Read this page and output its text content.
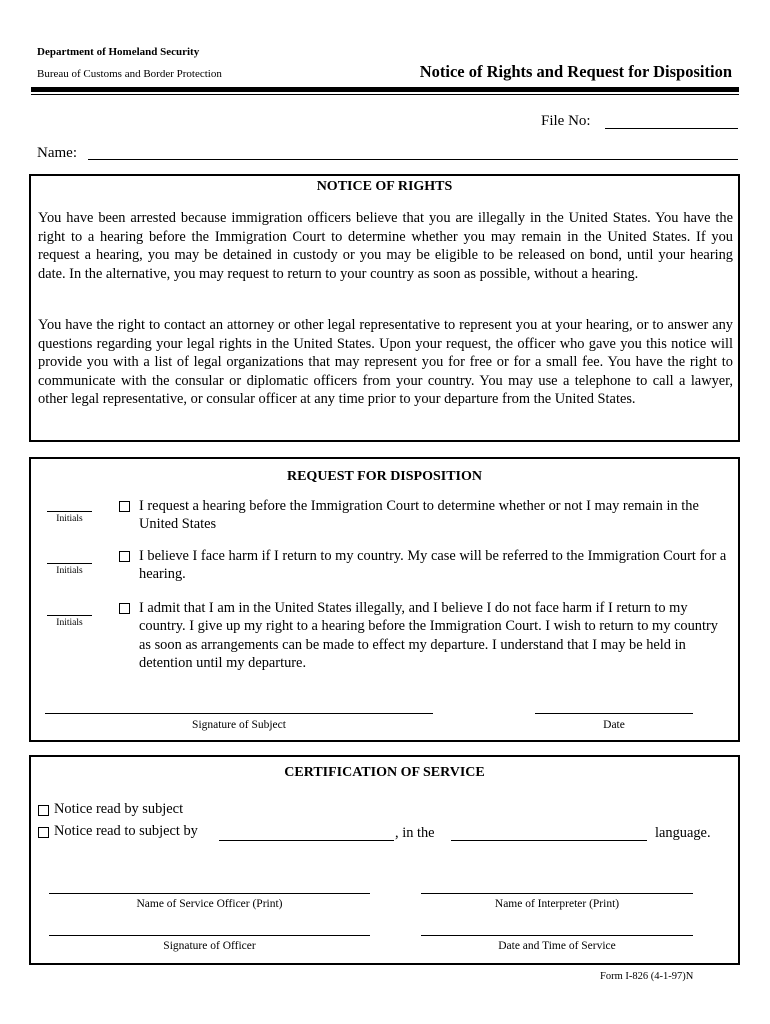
Department of Homeland Security
Bureau of Customs and Border Protection	Notice of Rights and Request for Disposition
File No:
Name:
NOTICE OF RIGHTS

You have been arrested because immigration officers believe that you are illegally in the United States. You have the right to a hearing before the Immigration Court to determine whether you may remain in the United States. If you request a hearing, you may be detained in custody or you may be eligible to be released on bond, until your hearing date. In the alternative, you may request to return to your country as soon as possible, without a hearing.

You have the right to contact an attorney or other legal representative to represent you at your hearing, or to answer any questions regarding your legal rights in the United States. Upon your request, the officer who gave you this notice will provide you with a list of legal organizations that may represent you for free or for a small fee. You have the right to communicate with the consular or diplomatic officers from your country. You may use a telephone to call a lawyer, other legal representative, or consular officer at any time prior to your departure from the United States.

REQUEST FOR DISPOSITION
Initials
I request a hearing before the Immigration Court to determine whether or not I may remain in the United States
Initials
I believe I face harm if I return to my country. My case will be referred to the Immigration Court for a hearing.
Initials
I admit that I am in the United States illegally, and I believe I do not face harm if I return to my country. I give up my right to a hearing before the Immigration Court. I wish to return to my country as soon as arrangements can be made to effect my departure. I understand that I may be held in detention until my departure.
Signature of Subject	Date
CERTIFICATION OF SERVICE
Notice read by subject
Notice read to subject by	, in the	language.
Name of Service Officer (Print)	Name of Interpreter (Print)
Signature of Officer	Date and Time of Service
Form I-826 (4-1-97)N
